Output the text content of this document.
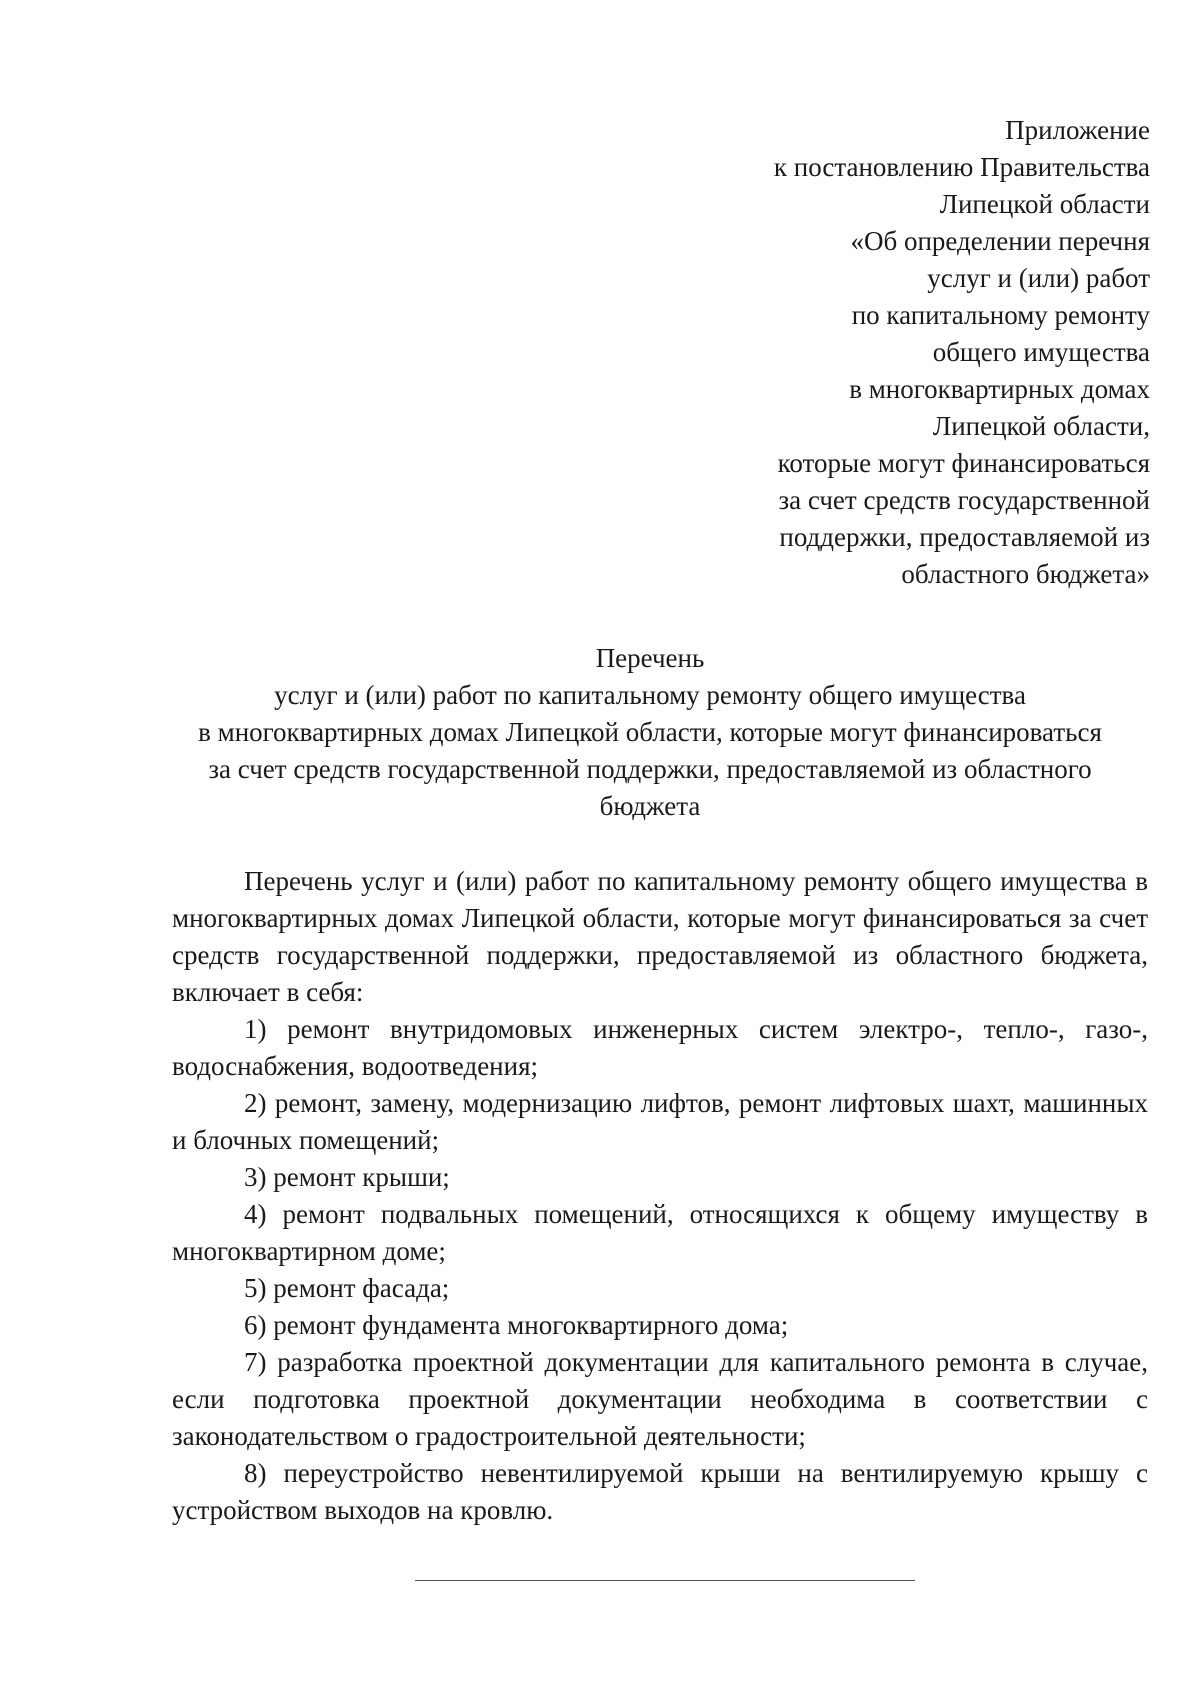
Приложение
к постановлению Правительства
Липецкой области
«Об определении перечня
услуг и (или) работ
по капитальному ремонту
общего имущества
в многоквартирных домах
Липецкой области,
которые могут финансироваться
за счет средств государственной
поддержки, предоставляемой из
областного бюджета»
Перечень
услуг и (или) работ по капитальному ремонту общего имущества
в многоквартирных домах Липецкой области, которые могут финансироваться
за счет средств государственной поддержки, предоставляемой из областного
бюджета

Перечень услуг и (или) работ по капитальному ремонту общего имущества в многоквартирных домах Липецкой области, которые могут финансироваться за счет средств государственной поддержки, предоставляемой из областного бюджета, включает в себя:

1) ремонт внутридомовых инженерных систем электро-, тепло-, газо-, водоснабжения, водоотведения;

2) ремонт, замену, модернизацию лифтов, ремонт лифтовых шахт, машинных и блочных помещений;

3) ремонт крыши;

4) ремонт подвальных помещений, относящихся к общему имуществу в многоквартирном доме;

5) ремонт фасада;

6) ремонт фундамента многоквартирного дома;

7) разработка проектной документации для капитального ремонта в случае, если подготовка проектной документации необходима в соответствии с законодательством о градостроительной деятельности;

8) переустройство невентилируемой крыши на вентилируемую крышу с устройством выходов на кровлю.
